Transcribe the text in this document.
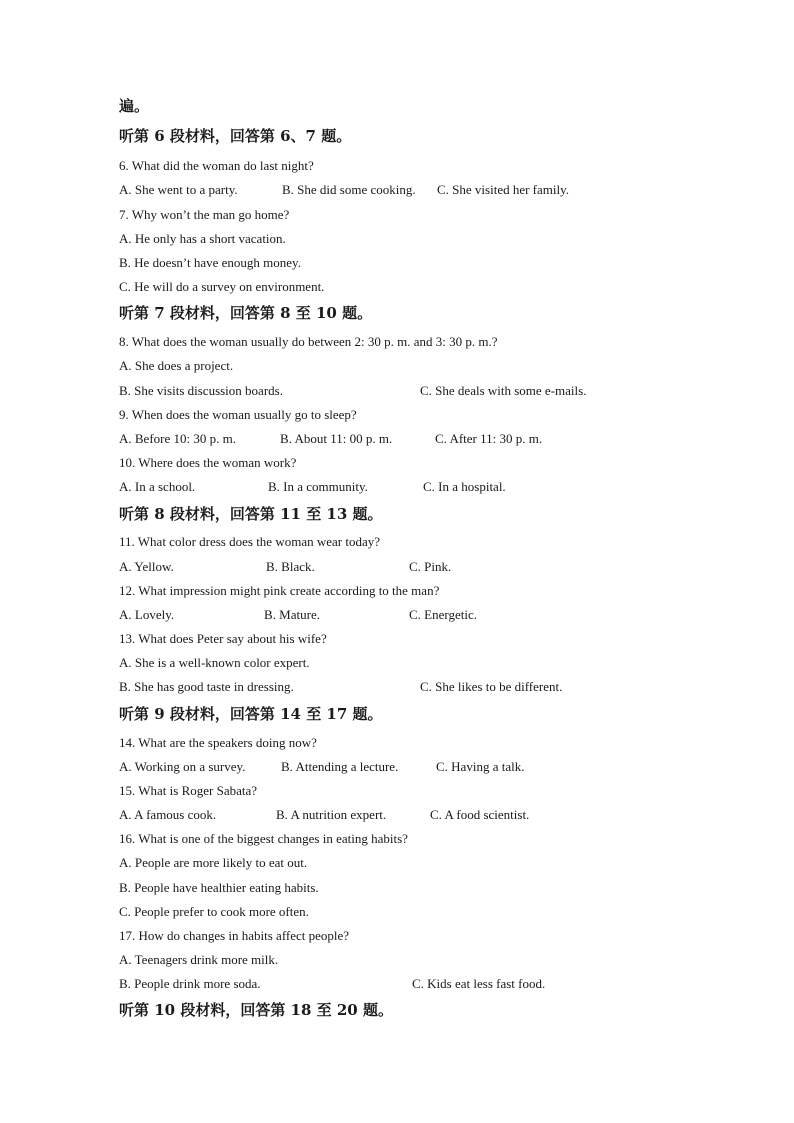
遍。
听第 6 段材料，回答第 6、7 题。
6. What did the woman do last night?
A. She went to a party.	B. She did some cooking. C. She visited her family.
7. Why won’t the man go home?
A. He only has a short vacation.
B. He doesn’t have enough money.
C. He will do a survey on environment.
听第 7 段材料，回答第 8 至 10 题。
8. What does the woman usually do between 2: 30 p. m. and 3: 30 p. m.?
A. She does a project.
B. She visits discussion boards.	C. She deals with some e-mails.
9. When does the woman usually go to sleep?
A. Before 10: 30 p. m.	B. About 11: 00 p. m.	C. After 11: 30 p. m.
10. Where does the woman work?
A. In a school.	B. In a community.	C. In a hospital.
听第 8 段材料，回答第 11 至 13 题。
11. What color dress does the woman wear today?
A. Yellow.	B. Black.	C. Pink.
12. What impression might pink create according to the man?
A. Lovely.	B. Mature.	C. Energetic.
13. What does Peter say about his wife?
A. She is a well-known color expert.
B. She has good taste in dressing.	C. She likes to be different.
听第 9 段材料，回答第 14 至 17 题。
14. What are the speakers doing now?
A. Working on a survey.	B. Attending a lecture.	C. Having a talk.
15. What is Roger Sabata?
A. A famous cook.	B. A nutrition expert.	C. A food scientist.
16. What is one of the biggest changes in eating habits?
A. People are more likely to eat out.
B. People have healthier eating habits.
C. People prefer to cook more often.
17. How do changes in habits affect people?
A. Teenagers drink more milk.
B. People drink more soda.	C. Kids eat less fast food.
听第 10 段材料，回答第 18 至 20 题。
